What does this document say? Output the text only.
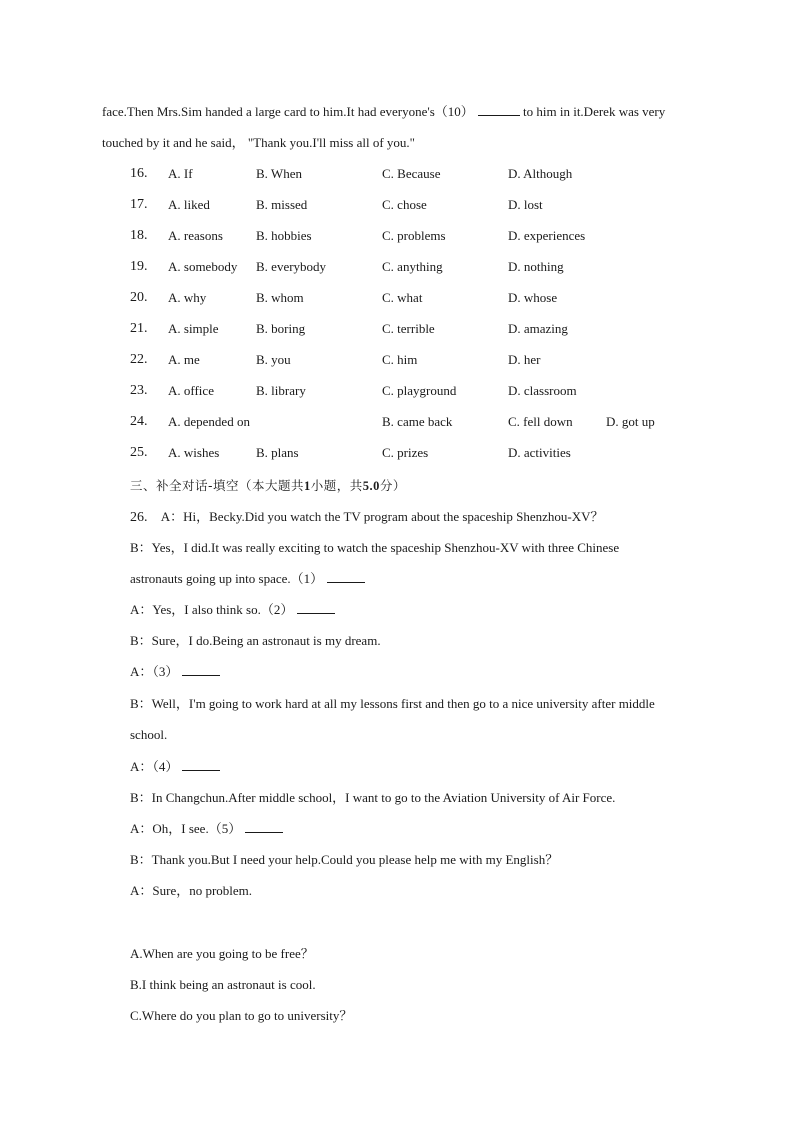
face.Then Mrs.Sim handed a large card to him.It had everyone's（10）	to him in it.Derek was very
touched by it and he said， "Thank you.I'll miss all of you."
16. A. If	B. When	C. Because	D. Although
17. A. liked	B. missed	C. chose	D. lost
18. A. reasons	B. hobbies	C. problems	D. experiences
19. A. somebody B. everybody	C. anything	D. nothing
20. A. why	B. whom	C. what	D. whose
21. A. simple	B. boring	C. terrible	D. amazing
22. A. me	B. you	C. him	D. her
23. A. office	B. library	C. playground	D. classroom
24. A. depended on	B. came back	C. fell down	D. got up
25. A. wishes	B. plans	C. prizes	D. activities
三、补全对话-填空（本大题共1小题，共5.0分）
26. A：Hi，Becky.Did you watch the TV program about the spaceship Shenzhou-XV？
B：Yes，I did.It was really exciting to watch the spaceship Shenzhou-XV with three Chinese
astronauts going up into space.（1）
A：Yes，I also think so.（2）
B：Sure，I do.Being an astronaut is my dream.
A：（3）
B：Well，I'm going to work hard at all my lessons first and then go to a nice university after middle
school.
A：（4）
B：In Changchun.After middle school，I want to go to the Aviation University of Air Force.
A：Oh，I see.（5）
B：Thank you.But I need your help.Could you please help me with my English？
A：Sure，no problem.
A.When are you going to be free？
B.I think being an astronaut is cool.
C.Where do you plan to go to university？
